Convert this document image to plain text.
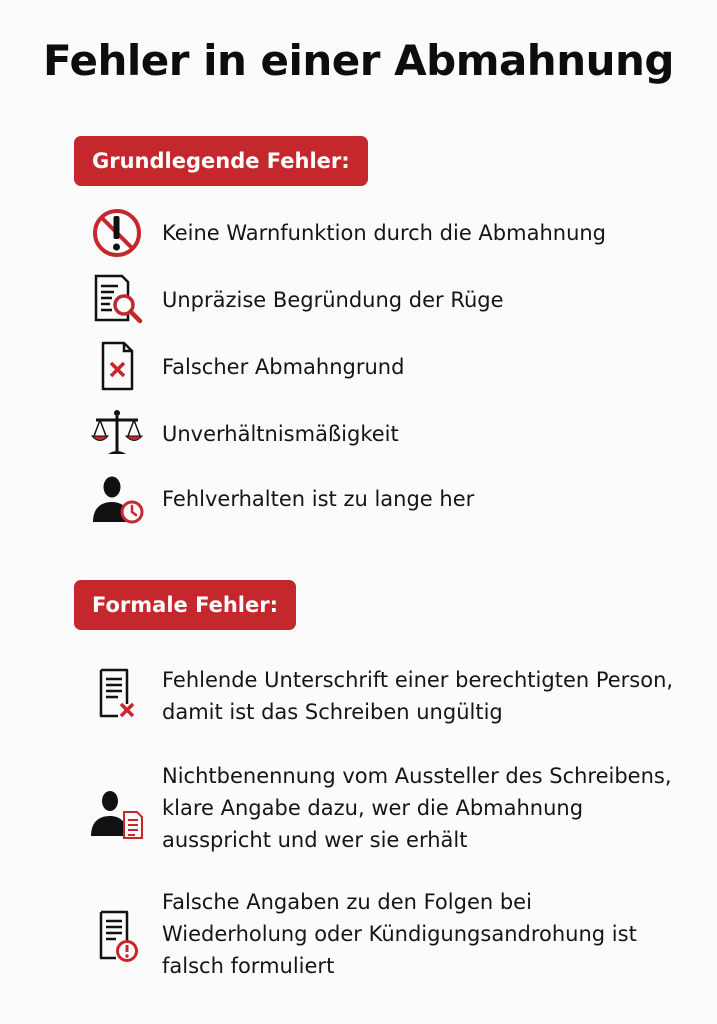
Fehler in einer Abmahnung
Grundlegende Fehler:
Keine Warnfunktion durch die Abmahnung
Unpräzise Begründung der Rüge
Falscher Abmahngrund
Unverhältnismäßigkeit
Fehlverhalten ist zu lange her
Formale Fehler:
Fehlende Unterschrift einer berechtigten Person, damit ist das Schreiben ungültig
Nichtbenennung vom Aussteller des Schreibens, klare Angabe dazu, wer die Abmahnung ausspricht und wer sie erhält
Falsche Angaben zu den Folgen bei Wiederholung oder Kündigungsandrohung ist falsch formuliert
